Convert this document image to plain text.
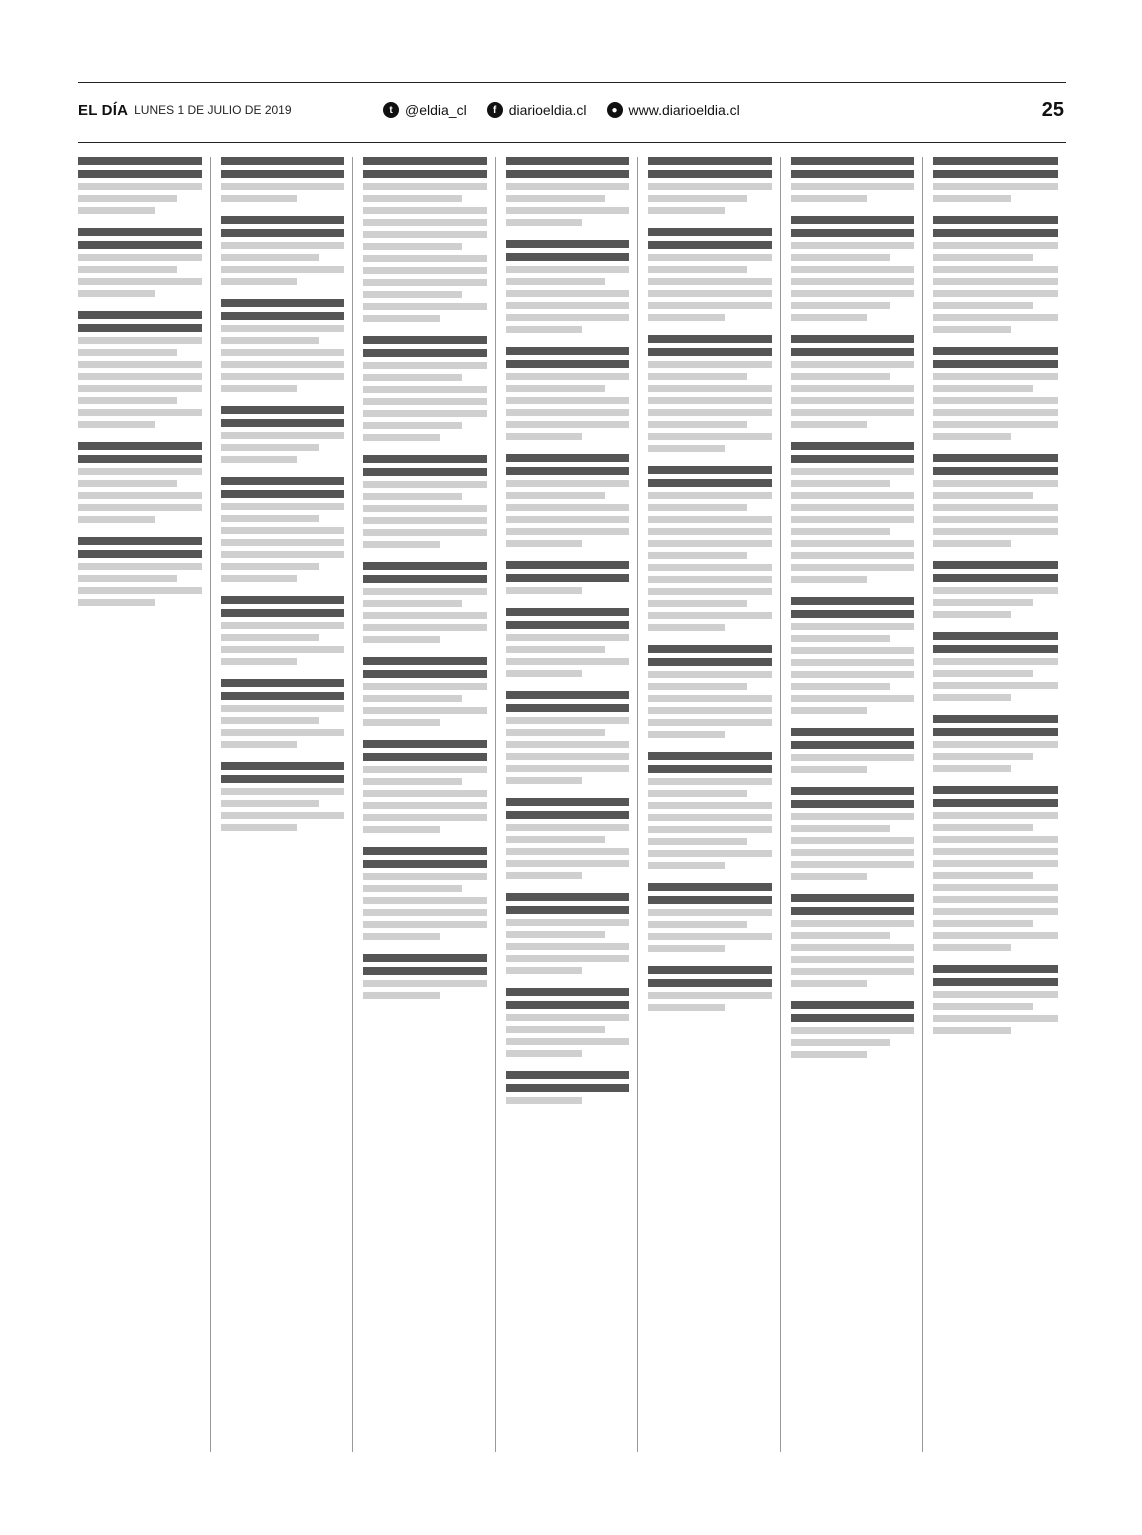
EL DÍA LUNES 1 DE JULIO DE 2019	t @eldia_cl	f diarioeldia.cl	● www.diarioeldia.cl	25
